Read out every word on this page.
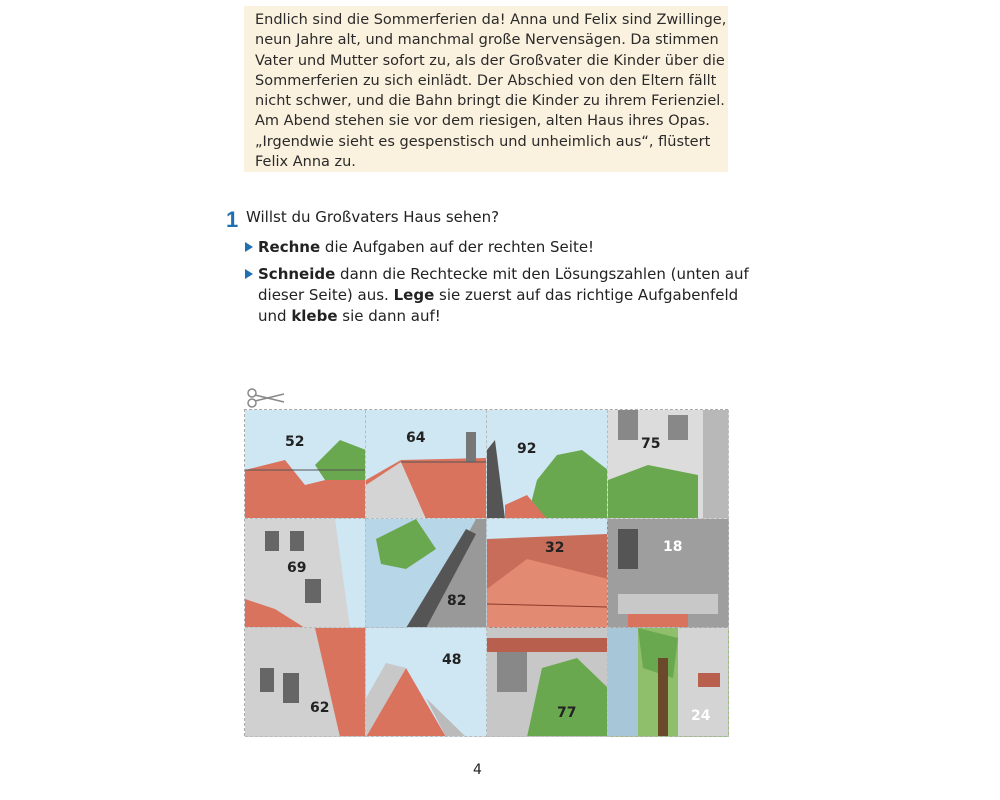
Endlich sind die Sommerferien da! Anna und Felix sind Zwillinge,
neun Jahre alt, und manchmal große Nervensägen. Da stimmen
Vater und Mutter sofort zu, als der Großvater die Kinder über die
Sommerferien zu sich einlädt. Der Abschied von den Eltern fällt
nicht schwer, und die Bahn bringt die Kinder zu ihrem Ferienziel.
Am Abend stehen sie vor dem riesigen, alten Haus ihres Opas.
„Irgendwie sieht es gespenstisch und unheimlich aus“, flüstert
Felix Anna zu.
1 Willst du Großvaters Haus sehen?
Rechne die Aufgaben auf der rechten Seite!
Schneide dann die Rechtecke mit den Lösungszahlen (unten auf
dieser Seite) aus. Lege sie zuerst auf das richtige Aufgabenfeld
und klebe sie dann auf!
52	64
92	75
69
82
32	18
62
48
77	24
4
